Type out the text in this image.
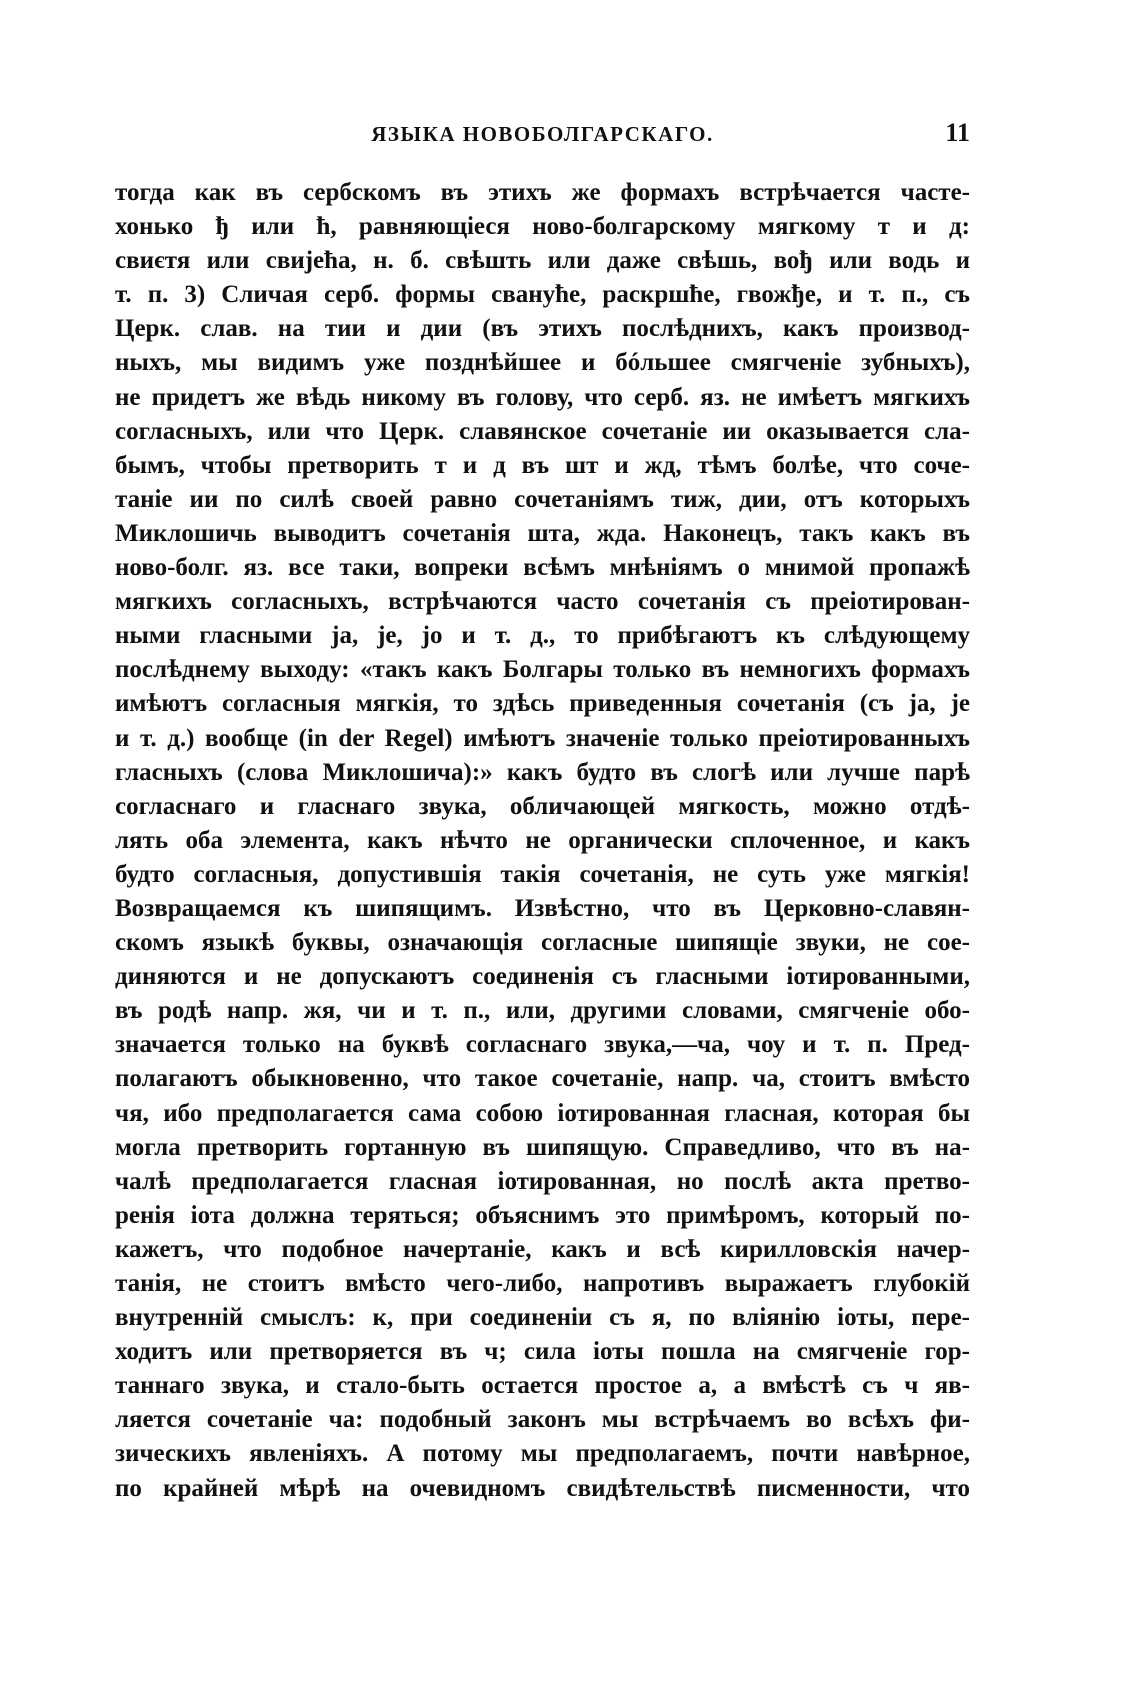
ЯЗЫКА НОВОБОЛГАРСКАГО.	11
тогда как въ сербскомъ въ этихъ же формахъ встрѣчается часте-
хонько ђ или ћ, равняющіеся ново-болгарскому мягкому т и д:
свиєтя или свиjеħа, н. б. свѣшть или даже свѣшь, вођ или водь и
т. п. 3) Сличая серб. формы сванућe, раскршħe, гвожђе, и т. п., съ
Церк. слав. на тии и дии (въ этихъ послѣднихъ, какъ производ-
ныхъ, мы видимъ уже позднѣйшее и бóльшее смягченіе зубныхъ),
не придетъ же вѣдь никому въ голову, что серб. яз. не имѣетъ мягкихъ
согласныхъ, или что Церк. славянское сочетаніе ии оказывается сла-
бымъ, чтобы претворить т и д въ шт и жд, тѣмъ болѣе, что соче-
таніе ии по силѣ своей равно сочетаніямъ тиж, дии, отъ которыхъ
Миклошичь выводитъ сочетанія шта, жда. Наконецъ, такъ какъ въ
ново-болг. яз. все таки, вопреки всѣмъ мнѣніямъ о мнимой пропажѣ
мягкихъ согласныхъ, встрѣчаются часто сочетанія съ преіотирован-
ными гласными ja, je, jo и т. д., то прибѣгаютъ къ слѣдующему
послѣднему выходу: «такъ какъ Болгары только въ немногихъ формахъ
имѣютъ согласныя мягкія, то здѣсь приведенныя сочетанія (съ ja, je
и т. д.) вообще (in der Regel) имѣютъ значеніе только преіотированныхъ
гласныхъ (слова Миклошича):» какъ будто въ слогѣ или лучше парѣ
согласнаго и гласнаго звука, обличающей мягкость, можно отдѣ-
лять оба элемента, какъ нѣчто не органически сплоченное, и какъ
будто согласныя, допустившія такія сочетанія, не суть уже мягкія!
Возвращаемся къ шипящимъ. Извѣстно, что въ Церковно-славян-
скомъ языкѣ буквы, означающія согласные шипящіе звуки, не сое-
диняются и не допускаютъ соединенія съ гласными іотированными,
въ родѣ напр. жя, чи и т. п., или, другими словами, смягченіе обо-
значается только на буквѣ согласнаго звука,—ча, чоу и т. п. Пред-
полагаютъ обыкновенно, что такое сочетаніе, напр. ча, стоитъ вмѣсто
чя, ибо предполагается сама собою іотированная гласная, которая бы
могла претворить гортанную въ шипящую. Справедливо, что въ на-
чалѣ предполагается гласная іотированная, но послѣ акта претво-
ренія іота должна теряться; объяснимъ это примѣромъ, который по-
кажетъ, что подобное начертаніе, какъ и всѣ кирилловскія начер-
танія, не стоитъ вмѣсто чего-либо, напротивъ выражаетъ глубокій
внутренній смыслъ: к, при соединеніи съ я, по вліянію іоты, пере-
ходитъ или претворяется въ ч; сила іоты пошла на смягченіе гор-
таннаго звука, и стало-быть остается простое а, а вмѣстѣ съ ч яв-
ляется сочетаніе ча: подобный законъ мы встрѣчаемъ во всѣхъ фи-
зическихъ явленіяхъ. А потому мы предполагаемъ, почти навѣрное,
по крайней мѣрѣ на очевидномъ свидѣтельствѣ писменности, что
